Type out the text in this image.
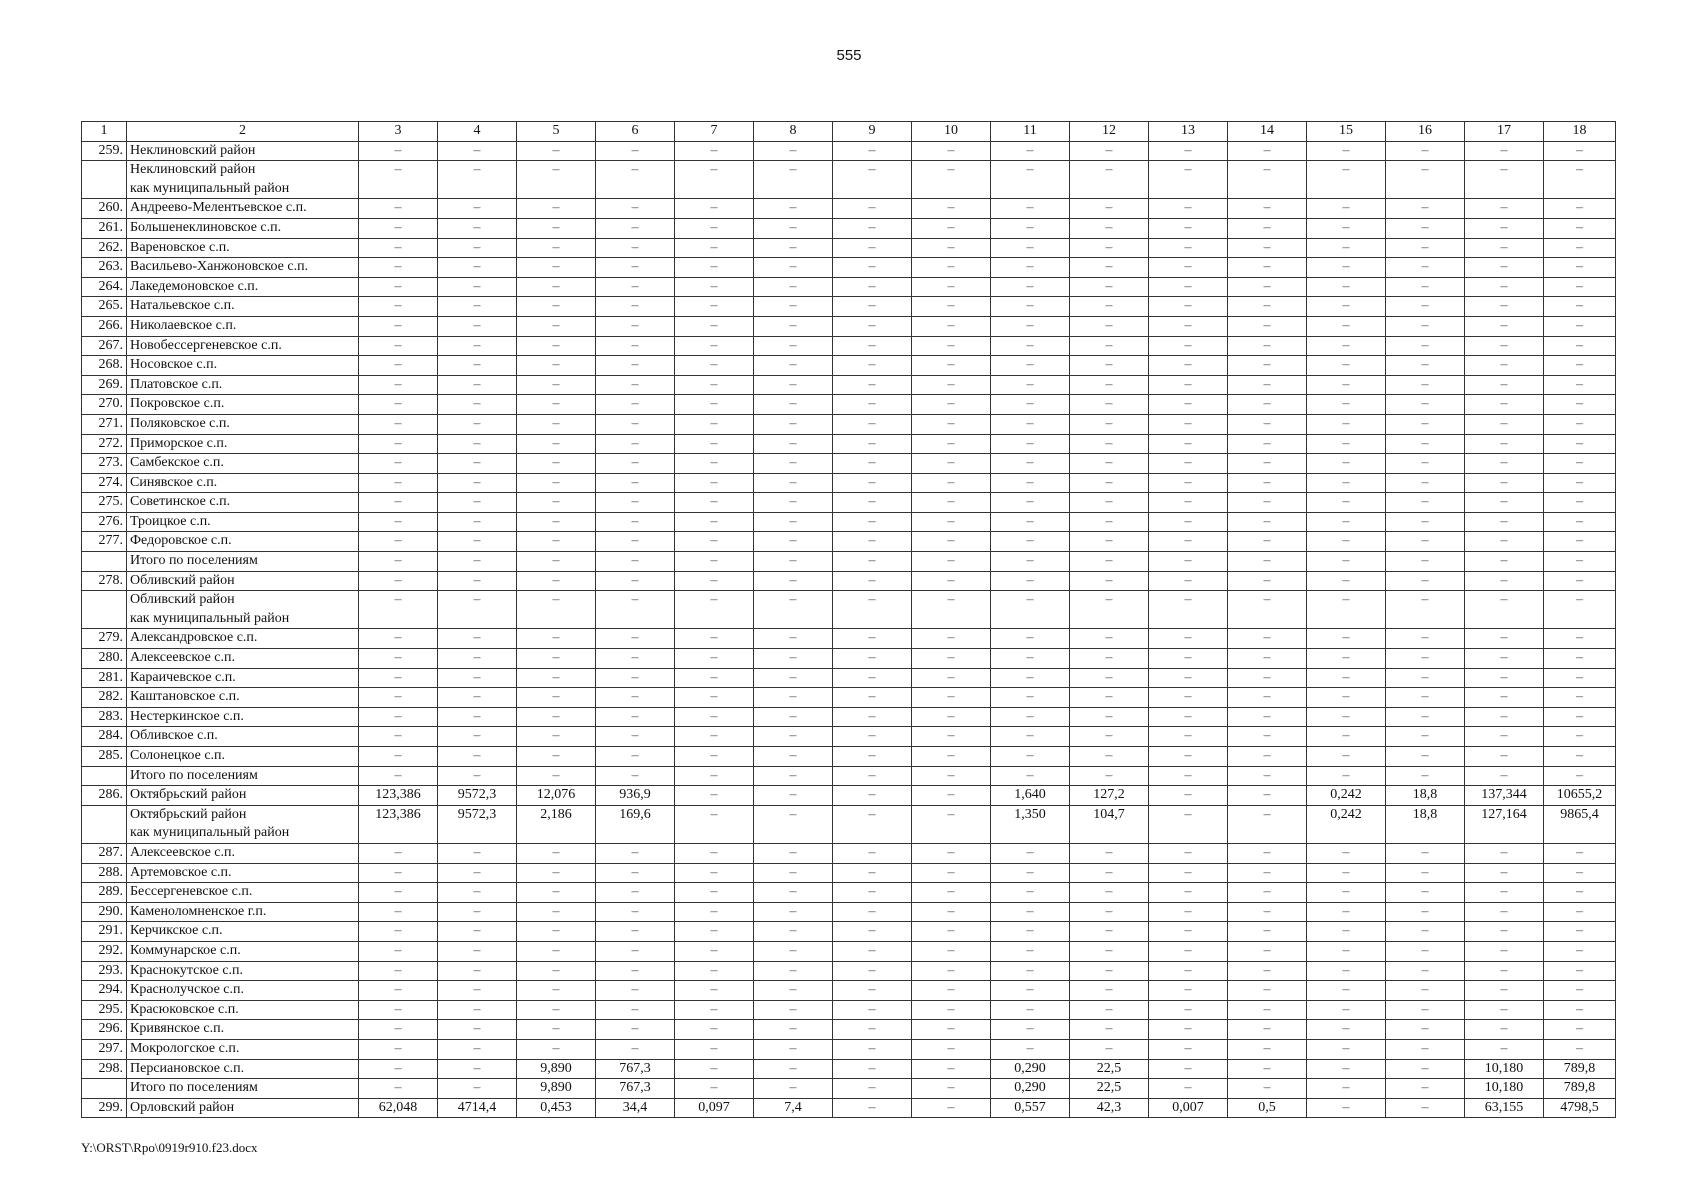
555
1	2	3	4	5	6	7	8	9	10	11	12	13	14	15	16	17	18
259.	Неклиновский район	–	–	–	–	–	–	–	–	–	–	–	–	–	–	–	–

	Неклиновский район
как муниципальный район	–	–	–	–	–	–	–	–	–	–	–	–	–	–	–	–
260.	Андреево-Мелентьевское с.п.	–	–	–	–	–	–	–	–	–	–	–	–	–	–	–	–
261.	Большенеклиновское с.п.	–	–	–	–	–	–	–	–	–	–	–	–	–	–	–	–
262.	Вареновское с.п.	–	–	–	–	–	–	–	–	–	–	–	–	–	–	–	–
263.	Васильево-Ханжоновское с.п.	–	–	–	–	–	–	–	–	–	–	–	–	–	–	–	–
264.	Лакедемоновское с.п.	–	–	–	–	–	–	–	–	–	–	–	–	–	–	–	–
265.	Натальевское с.п.	–	–	–	–	–	–	–	–	–	–	–	–	–	–	–	–
266.	Николаевское с.п.	–	–	–	–	–	–	–	–	–	–	–	–	–	–	–	–
267.	Новобессергеневское с.п.	–	–	–	–	–	–	–	–	–	–	–	–	–	–	–	–
268.	Носовское с.п.	–	–	–	–	–	–	–	–	–	–	–	–	–	–	–	–
269.	Платовское с.п.	–	–	–	–	–	–	–	–	–	–	–	–	–	–	–	–
270.	Покровское с.п.	–	–	–	–	–	–	–	–	–	–	–	–	–	–	–	–
271.	Поляковское с.п.	–	–	–	–	–	–	–	–	–	–	–	–	–	–	–	–
272.	Приморское с.п.	–	–	–	–	–	–	–	–	–	–	–	–	–	–	–	–
273.	Самбекское с.п.	–	–	–	–	–	–	–	–	–	–	–	–	–	–	–	–
274.	Синявское с.п.	–	–	–	–	–	–	–	–	–	–	–	–	–	–	–	–
275.	Советинское с.п.	–	–	–	–	–	–	–	–	–	–	–	–	–	–	–	–
276.	Троицкое с.п.	–	–	–	–	–	–	–	–	–	–	–	–	–	–	–	–
277.	Федоровское с.п.	–	–	–	–	–	–	–	–	–	–	–	–	–	–	–	–

	Итого по поселениям	–	–	–	–	–	–	–	–	–	–	–	–	–	–	–	–
278.	Обливский район	–	–	–	–	–	–	–	–	–	–	–	–	–	–	–	–

	Обливский район
как муниципальный район	–	–	–	–	–	–	–	–	–	–	–	–	–	–	–	–
279.	Александровское с.п.	–	–	–	–	–	–	–	–	–	–	–	–	–	–	–	–
280.	Алексеевское с.п.	–	–	–	–	–	–	–	–	–	–	–	–	–	–	–	–
281.	Караичевское с.п.	–	–	–	–	–	–	–	–	–	–	–	–	–	–	–	–
282.	Каштановское с.п.	–	–	–	–	–	–	–	–	–	–	–	–	–	–	–	–
283.	Нестеркинское с.п.	–	–	–	–	–	–	–	–	–	–	–	–	–	–	–	–
284.	Обливское с.п.	–	–	–	–	–	–	–	–	–	–	–	–	–	–	–	–
285.	Солонецкое с.п.	–	–	–	–	–	–	–	–	–	–	–	–	–	–	–	–

	Итого по поселениям	–	–	–	–	–	–	–	–	–	–	–	–	–	–	–	–
286.	Октябрьский район	123,386	9572,3	12,076	936,9	–	–	–	–	1,640	127,2	–	–	0,242	18,8	137,344	10655,2

	Октябрьский район
как муниципальный район	123,386	9572,3	2,186	169,6	–	–	–	–	1,350	104,7	–	–	0,242	18,8	127,164	9865,4
287.	Алексеевское с.п.	–	–	–	–	–	–	–	–	–	–	–	–	–	–	–	–
288.	Артемовское с.п.	–	–	–	–	–	–	–	–	–	–	–	–	–	–	–	–
289.	Бессергеневское с.п.	–	–	–	–	–	–	–	–	–	–	–	–	–	–	–	–
290.	Каменоломненское г.п.	–	–	–	–	–	–	–	–	–	–	–	–	–	–	–	–
291.	Керчикское с.п.	–	–	–	–	–	–	–	–	–	–	–	–	–	–	–	–
292.	Коммунарское с.п.	–	–	–	–	–	–	–	–	–	–	–	–	–	–	–	–
293.	Краснокутское с.п.	–	–	–	–	–	–	–	–	–	–	–	–	–	–	–	–
294.	Краснолучское с.п.	–	–	–	–	–	–	–	–	–	–	–	–	–	–	–	–
295.	Красюковское с.п.	–	–	–	–	–	–	–	–	–	–	–	–	–	–	–	–
296.	Кривянское с.п.	–	–	–	–	–	–	–	–	–	–	–	–	–	–	–	–
297.	Мокрологское с.п.	–	–	–	–	–	–	–	–	–	–	–	–	–	–	–	–
298.	Персиановское с.п.	–	–	9,890	767,3	–	–	–	–	0,290	22,5	–	–	–	–	10,180	789,8

	Итого по поселениям	–	–	9,890	767,3	–	–	–	–	0,290	22,5	–	–	–	–	10,180	789,8
299.	Орловский район	62,048	4714,4	0,453	34,4	0,097	7,4	–	–	0,557	42,3	0,007	0,5	–	–	63,155	4798,5
Y:\ORST\Rpo\0919r910.f23.docx
